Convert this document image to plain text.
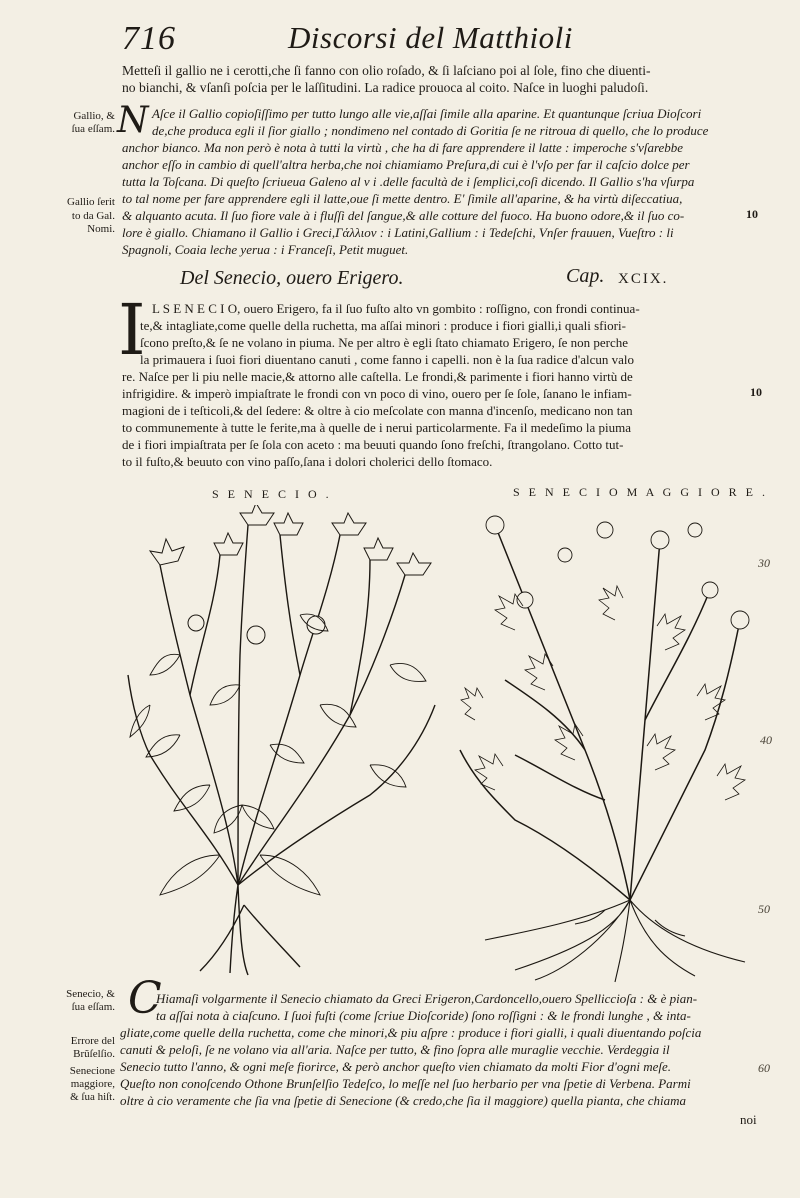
716	Discorsi del Matthioli
Metteſi il gallio ne i cerotti,che ſi fanno con olio roſado, & ſi laſciano poi al ſole, fino che diuenti-
no bianchi, & vſanſi poſcia per le laſſitudini. La radice prouoca al coito. Naſce in luoghi paludoſi.
Gallio, &
ſua eſſam.
Gallio ſerit
to da Gal.
Nomi.
N Aſce il Gallio copioſiſſimo per tutto lungo alle vie,aſſai ſimile alla aparine. Et quantunque ſcriua Dioſcori
de,che produca egli il ſior giallo ; nondimeno nel contado di Goritia ſe ne ritroua di quello, che lo produce
anchor bianco. Ma non però è nota à tutti la virtù , che ha di fare apprendere il latte : imperoche s'vſarebbe
anchor eſſo in cambio di quell'altra herba,che noi chiamiamo Preſura,di cui è l'vſo per far il caſcio dolce per
tutta la Toſcana. Di queſto ſcriueua Galeno al v i .delle facultà de i ſemplici,coſi dicendo. Il Gallio s'ha vſurpa
to tal nome per fare apprendere egli il latte,oue ſi mette dentro. E' ſimile all'aparine, & ha virtù diſeccatiua,
& alquanto acuta. Il ſuo fiore vale à i fluſſi del ſangue,& alle cotture del fuoco. Ha buono odore,& il ſuo co-
lore è giallo. Chiamano il Gallio i Greci,Γάλλιον : i Latini,Gallium : i Tedeſchi, Vnſer frauuen, Vueſtro : li
Spagnoli, Coaia leche yerua : i Franceſi, Petit muguet.
10
Del Senecio, ouero Erigero.	Cap. XCIX.
I L S E N E C I O, ouero Erigero, fa il ſuo fuſto alto vn gombito : roſſigno, con frondi continua-
te,& intagliate,come quelle della ruchetta, ma aſſai minori : produce i fiori gialli,i quali sfiori-
ſcono preſto,& ſe ne volano in piuma. Ne per altro è egli ſtato chiamato Erigero, ſe non perche
la primauera i ſuoi fiori diuentano canuti , come fanno i capelli. non è la ſua radice d'alcun valo
re. Naſce per li piu nelle macie,& attorno alle caſtella. Le frondi,& parimente i fiori hanno virtù de
infrigidire. & imperò impiaſtrate le frondi con vn poco di vino, ouero per ſe ſole, ſanano le infiam-
magioni de i teſticoli,& del ſedere: & oltre à cio meſcolate con manna d'incenſo, medicano non tan
to communemente à tutte le ferite,ma à quelle de i nerui particolarmente. Fa il medeſimo la piuma
de i fiori impiaſtrata per ſe ſola con aceto : ma beuuti quando ſono freſchi, ſtrangolano. Cotto tut-
to il fuſto,& beuuto con vino paſſo,ſana i dolori cholerici dello ſtomaco.
10
S E N E C I O .	S E N E C I O M A G G I O R E .
30
40
50
60
Senecio, &
ſua eſſam.
Errore del
Brũſelſio.
Senecione
maggiore,
& ſua hiſt.
C
Hiamaſi volgarmente il Senecio chiamato da Greci Erigeron,Cardoncello,ouero Spelliccioſa : & è pian-
ta aſſai nota à ciaſcuno. I ſuoi fuſti (come ſcriue Dioſcoride) ſono roſſigni : & le frondi lunghe , & inta-
gliate,come quelle della ruchetta, come che minori,& piu aſpre : produce i fiori gialli, i quali diuentando poſcia
canuti & peloſi, ſe ne volano via all'aria. Naſce per tutto, & fino ſopra alle muraglie vecchie. Verdeggia il
Senecio tutto l'anno, & ogni meſe fiorirce, & però anchor queſto vien chiamato da molti Fior d'ogni meſe.
Queſto non conoſcendo Othone Brunſelſio Tedeſco, lo meſſe nel ſuo herbario per vna ſpetie di Verbena. Parmi
oltre à cio veramente che ſia vna ſpetie di Senecione (& credo,che ſia il maggiore) quella pianta, che chiama
noi
